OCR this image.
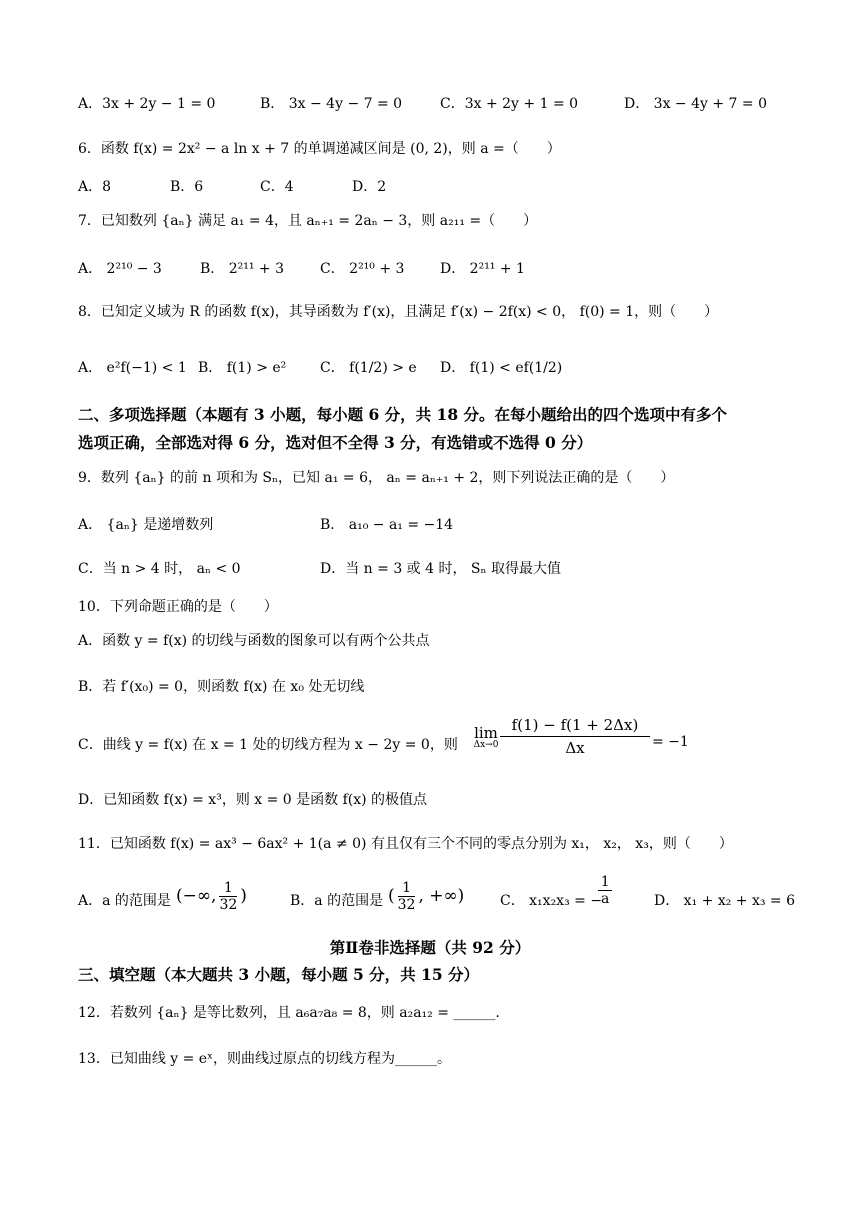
A．3x + 2y − 1 = 0	B． 3x − 4y − 7 = 0	C．3x + 2y + 1 = 0	D． 3x − 4y + 7 = 0
6．函数 f(x) = 2x² − a ln x + 7 的单调递减区间是 (0, 2)，则 a =（　　）
A．8	B．6	C．4	D．2
7．已知数列 {aₙ} 满足 a₁ = 4，且 aₙ₊₁ = 2aₙ − 3，则 a₂₁₁ =（　　）
A． 2²¹⁰ − 3	B． 2²¹¹ + 3	C． 2²¹⁰ + 3	D． 2²¹¹ + 1
8．已知定义域为 R 的函数 f(x)，其导函数为 f′(x)，且满足 f′(x) − 2f(x) < 0， f(0) = 1，则（　　）
A． e²f(−1) < 1 B． f(1) > e² C． f(1/2) > e D． f(1) < ef(1/2)
二、多项选择题（本题有 3 小题，每小题 6 分，共 18 分。在每小题给出的四个选项中有多个
选项正确，全部选对得 6 分，选对但不全得 3 分，有选错或不选得 0 分）
9．数列 {aₙ} 的前 n 项和为 Sₙ，已知 a₁ = 6， aₙ = aₙ₊₁ + 2，则下列说法正确的是（　　）
A． {aₙ} 是递增数列	B． a₁₀ − a₁ = −14
C．当 n > 4 时， aₙ < 0	D．当 n = 3 或 4 时， Sₙ 取得最大值
10．下列命题正确的是（　　）
A．函数 y = f(x) 的切线与函数的图象可以有两个公共点
B．若 f′(x₀) = 0，则函数 f(x) 在 x₀ 处无切线
C．曲线 y = f(x) 在 x = 1 处的切线方程为 x − 2y = 0，则
lim
$\Delta x\to 0 \frac{f(1) - f(1 + 2\Delta x)}{\Delta x} = -1$
D．已知函数 f(x) = x³，则 x = 0 是函数 f(x) 的极值点
11．已知函数 f(x) = ax³ − 6ax² + 1(a ≠ 0) 有且仅有三个不同的零点分别为 x₁， x₂， x₃，则（　　）
A．a 的范围是 (−∞, $\frac{1}{32}$ )	B．a 的范围是 ( $\frac{1}{32}$ , +∞)	C． x₁x₂x₃ = −
$\frac{1}{a}$	D． x₁ + x₂ + x₃ = 6
第Ⅱ卷非选择题（共 92 分）
三、填空题（本大题共 3 小题，每小题 5 分，共 15 分）
12．若数列 {aₙ} 是等比数列，且 a₆a₇a₈ = 8，则 a₂a₁₂ = ______.
13．已知曲线 y = eˣ，则曲线过原点的切线方程为______。
